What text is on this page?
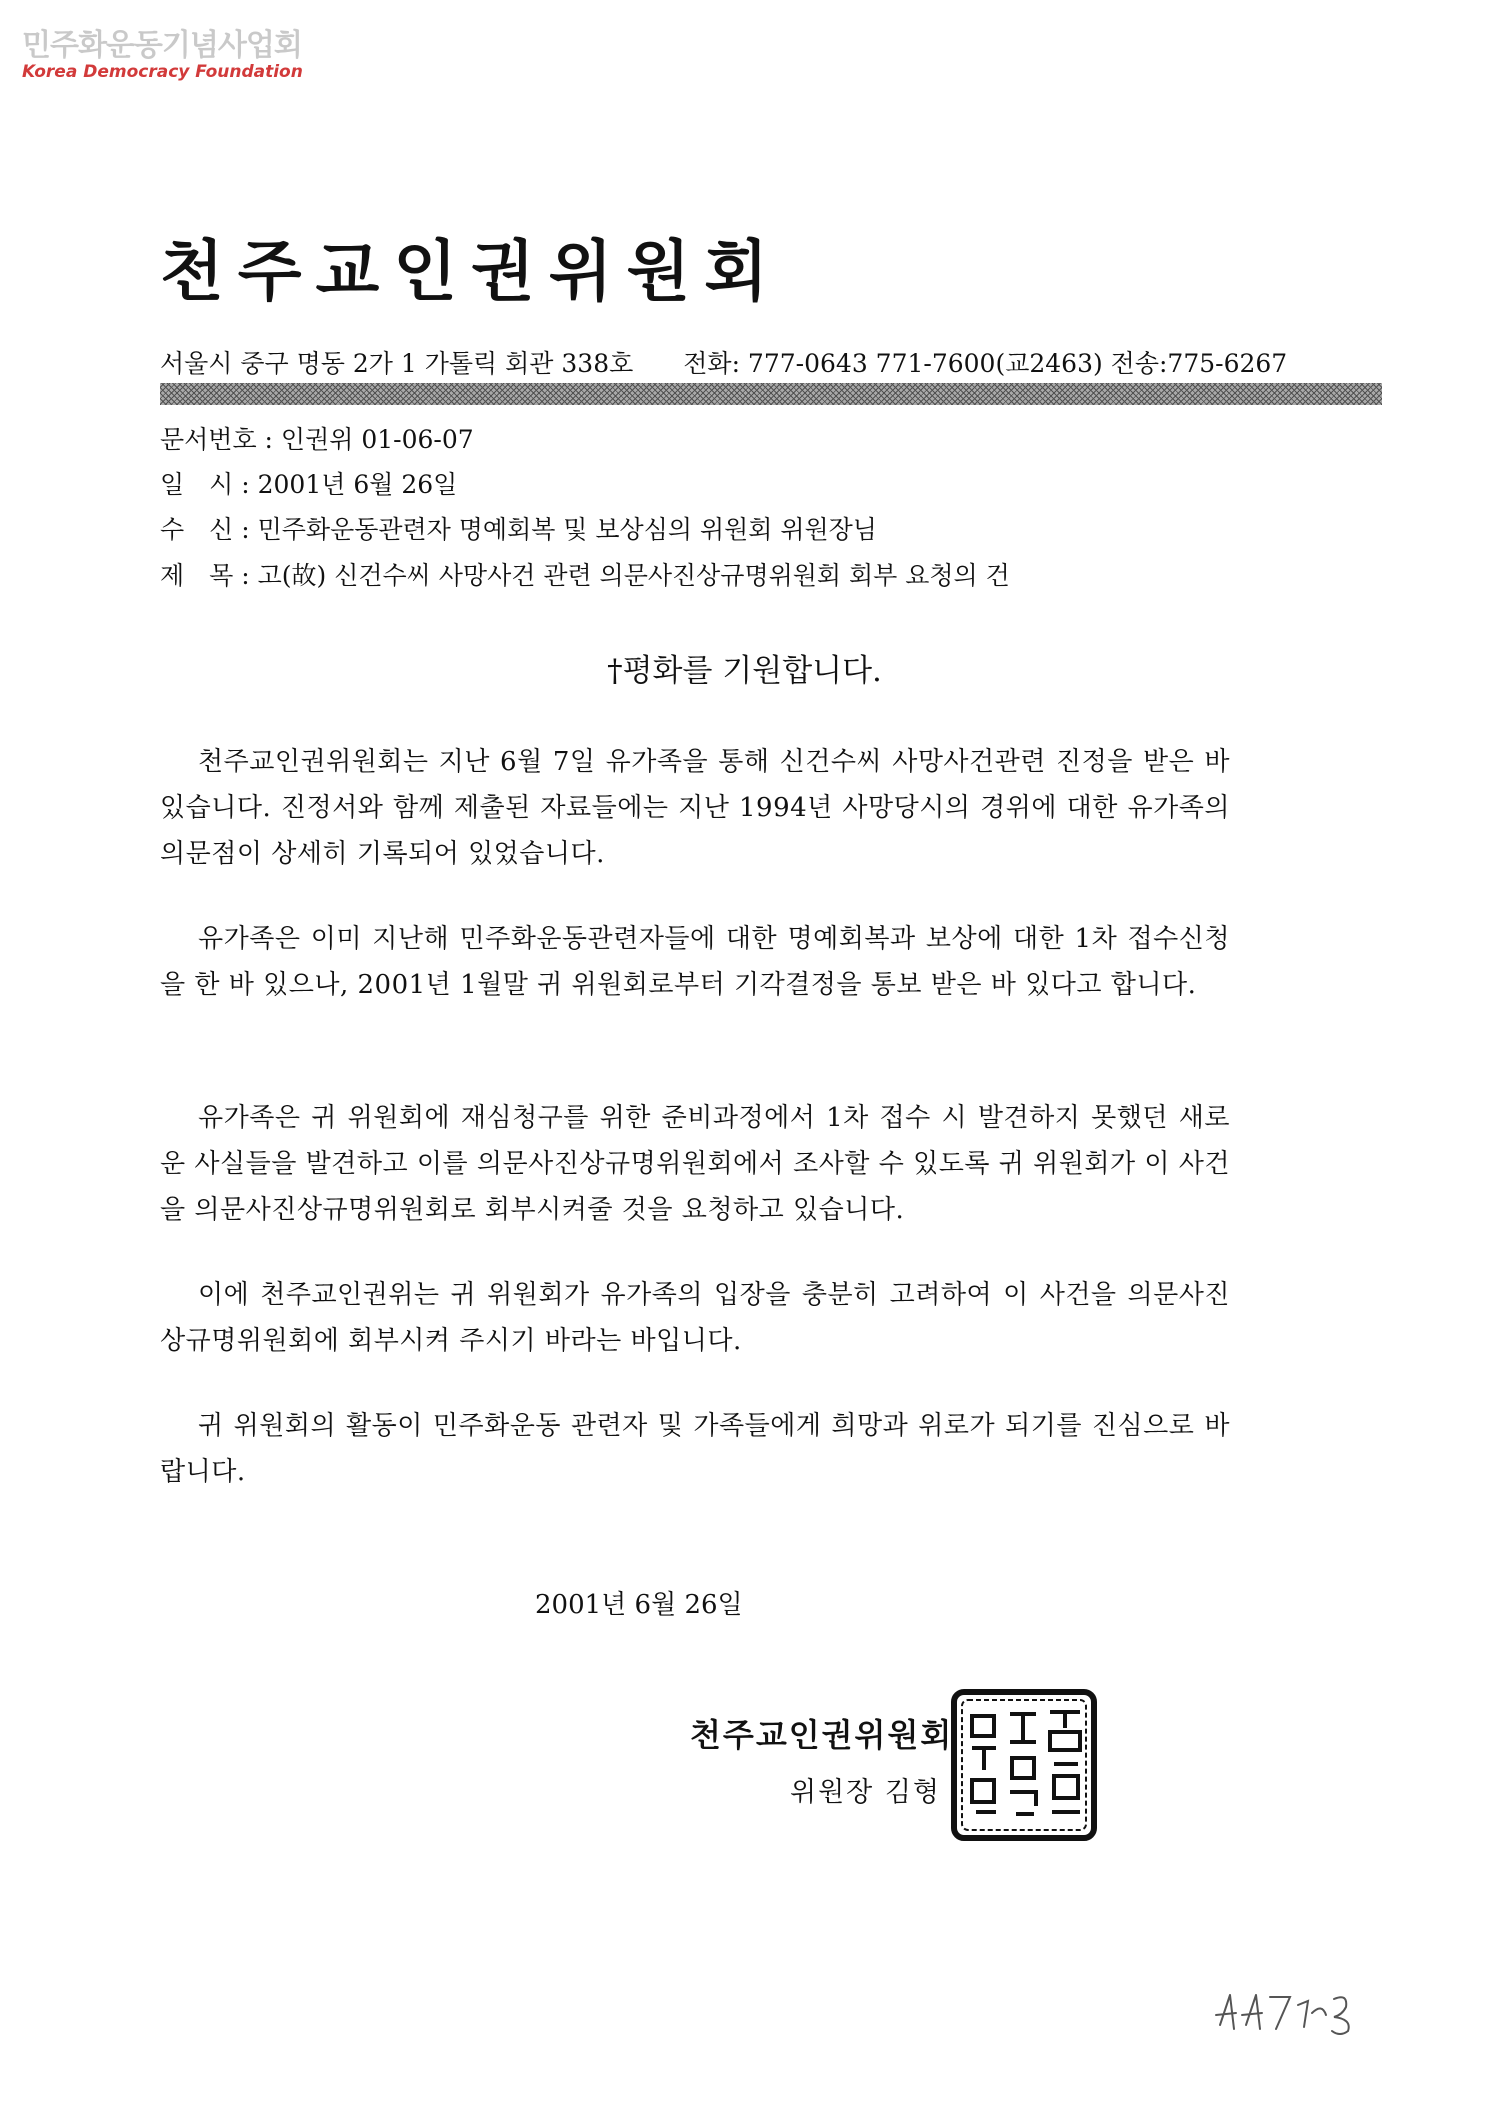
민주화운동기념사업회
Korea Democracy Foundation
천주교인권위원회
서울시 중구 명동 2가 1 가톨릭 회관 338호 전화: 777-0643 771-7600(교2463) 전송:775-6267
문서번호 : 인권위 01-06-07
일　시 : 2001년 6월 26일
수　신 : 민주화운동관련자 명예회복 및 보상심의 위원회 위원장님
제　목 : 고(故) 신건수씨 사망사건 관련 의문사진상규명위원회 회부 요청의 건
†평화를 기원합니다.
천주교인권위원회는 지난 6월 7일 유가족을 통해 신건수씨 사망사건관련 진정을 받은 바 있습니다. 진정서와 함께 제출된 자료들에는 지난 1994년 사망당시의 경위에 대한 유가족의 의문점이 상세히 기록되어 있었습니다.
유가족은 이미 지난해 민주화운동관련자들에 대한 명예회복과 보상에 대한 1차 접수신청을 한 바 있으나, 2001년 1월말 귀 위원회로부터 기각결정을 통보 받은 바 있다고 합니다.
유가족은 귀 위원회에 재심청구를 위한 준비과정에서 1차 접수 시 발견하지 못했던 새로운 사실들을 발견하고 이를 의문사진상규명위원회에서 조사할 수 있도록 귀 위원회가 이 사건을 의문사진상규명위원회로 회부시켜줄 것을 요청하고 있습니다.
이에 천주교인권위는 귀 위원회가 유가족의 입장을 충분히 고려하여 이 사건을 의문사진상규명위원회에 회부시켜 주시기 바라는 바입니다.
귀 위원회의 활동이 민주화운동 관련자 및 가족들에게 희망과 위로가 되기를 진심으로 바랍니다.
2001년 6월 26일
천주교인권위원회
위원장 김형
